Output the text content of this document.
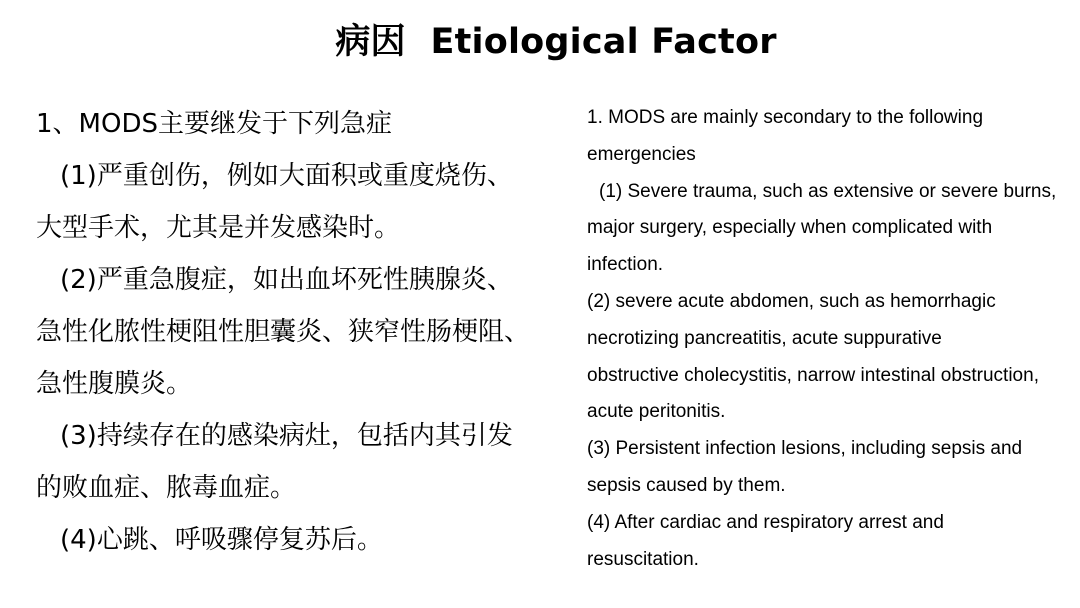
病因  Etiological Factor
1、MODS主要继发于下列急症
(1)严重创伤，例如大面积或重度烧伤、
大型手术，尤其是并发感染时。
(2)严重急腹症，如出血坏死性胰腺炎、
急性化脓性梗阻性胆囊炎、狭窄性肠梗阻、
急性腹膜炎。
(3)持续存在的感染病灶，包括内其引发
的败血症、脓毒血症。
(4)心跳、呼吸骤停复苏后。
1. MODS are mainly secondary to the following
emergencies
(1) Severe trauma, such as extensive or severe burns,
major surgery, especially when complicated with
infection.
(2) severe acute abdomen, such as hemorrhagic
necrotizing pancreatitis, acute suppurative
obstructive cholecystitis, narrow intestinal obstruction,
acute peritonitis.
(3) Persistent infection lesions, including sepsis and
sepsis caused by them.
(4) After cardiac and respiratory arrest and
resuscitation.
